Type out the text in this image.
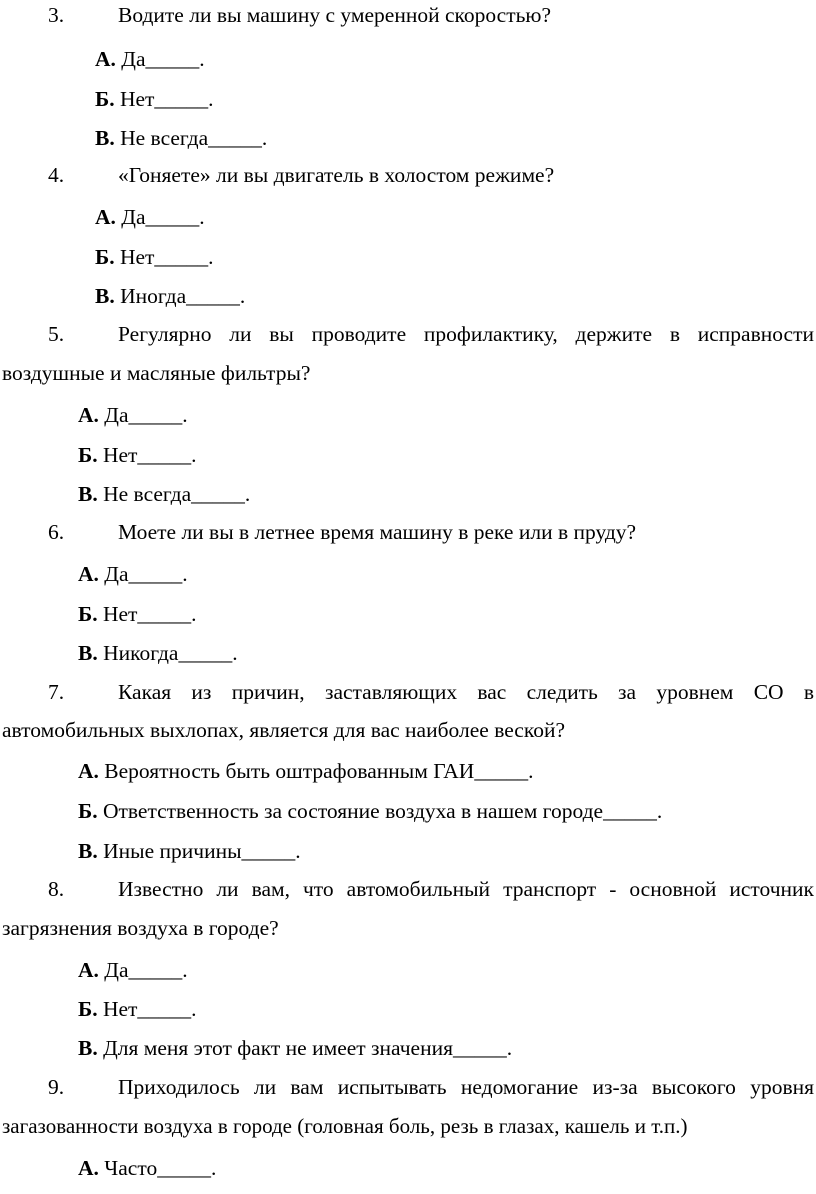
3.	Водите ли вы машину с умеренной скоростью?
А. Да_____.
Б. Нет_____.
В. Не всегда_____.
4.	«Гоняете» ли вы двигатель в холостом режиме?
А. Да_____.
Б. Нет_____.
В. Иногда_____.
5.	Регулярно ли вы проводите профилактику, держите в исправности
воздушные и масляные фильтры?
А. Да_____.
Б. Нет_____.
В. Не всегда_____.
6.	Моете ли вы в летнее время машину в реке или в пруду?
А. Да_____.
Б. Нет_____.
В. Никогда_____.
7.	Какая из причин, заставляющих вас следить за уровнем СО в
автомобильных выхлопах, является для вас наиболее веской?
А. Вероятность быть оштрафованным ГАИ_____.
Б. Ответственность за состояние воздуха в нашем городе_____.
В. Иные причины_____.
8.	Известно ли вам, что автомобильный транспорт - основной источник
загрязнения воздуха в городе?
А. Да_____.
Б. Нет_____.
В. Для меня этот факт не имеет значения_____.
9.	Приходилось ли вам испытывать недомогание из-за высокого уровня
загазованности воздуха в городе (головная боль, резь в глазах, кашель и т.п.)
А. Часто_____.
